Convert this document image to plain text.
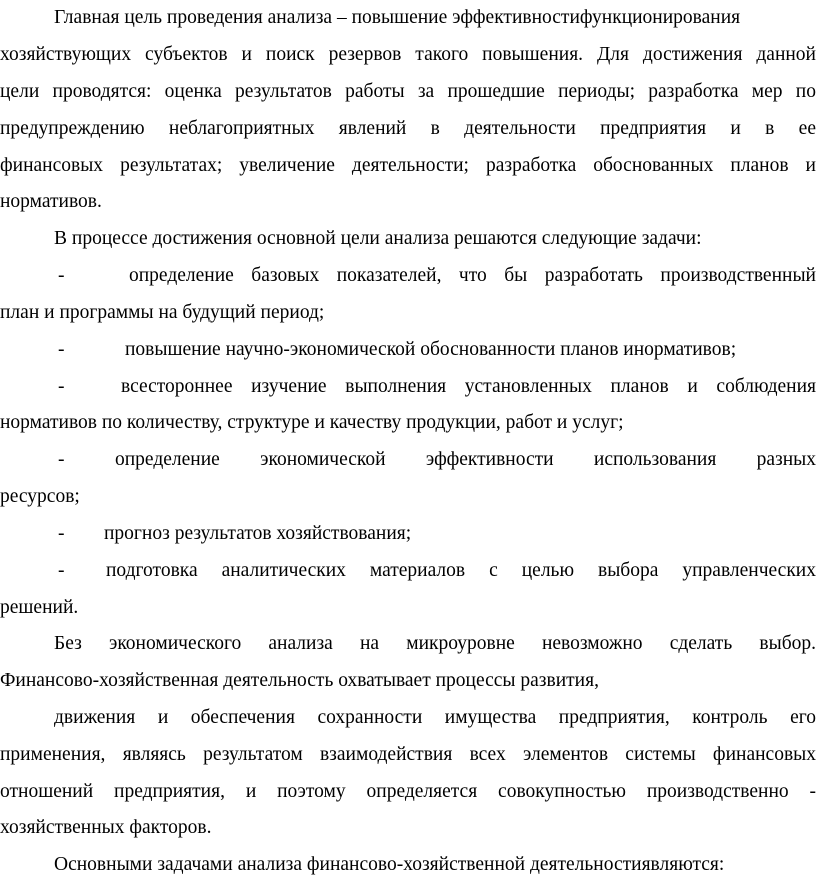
Главная цель проведения анализа – повышение эффективностифункционирования
хозяйствующих субъектов и поиск резервов такого повышения. Для достижения данной
цели проводятся: оценка результатов работы за прошедшие периоды; разработка мер по
предупреждению неблагоприятных явлений в деятельности предприятия и в ее
финансовых результатах; увеличение деятельности; разработка обоснованных планов и
нормативов.
В процессе достижения основной цели анализа решаются следующие задачи:
-	определение базовых показателей, что бы разработать производственный
план и программы на будущий период;
-	повышение научно-экономической обоснованности планов инормативов;
-	всестороннее изучение выполнения установленных планов и соблюдения
нормативов по количеству, структуре и качеству продукции, работ и услуг;
-	определение экономической эффективности использования разных
ресурсов;
- прогноз результатов хозяйствования;
- подготовка аналитических материалов с целью выбора управленческих
решений.
Без экономического анализа на микроуровне невозможно сделать выбор.
Финансово-хозяйственная деятельность охватывает процессы развития,
движения и обеспечения сохранности имущества предприятия, контроль его
применения, являясь результатом взаимодействия всех элементов системы финансовых
отношений предприятия, и поэтому определяется совокупностью производственно -
хозяйственных факторов.
Основными задачами анализа финансово-хозяйственной деятельностиявляются:
